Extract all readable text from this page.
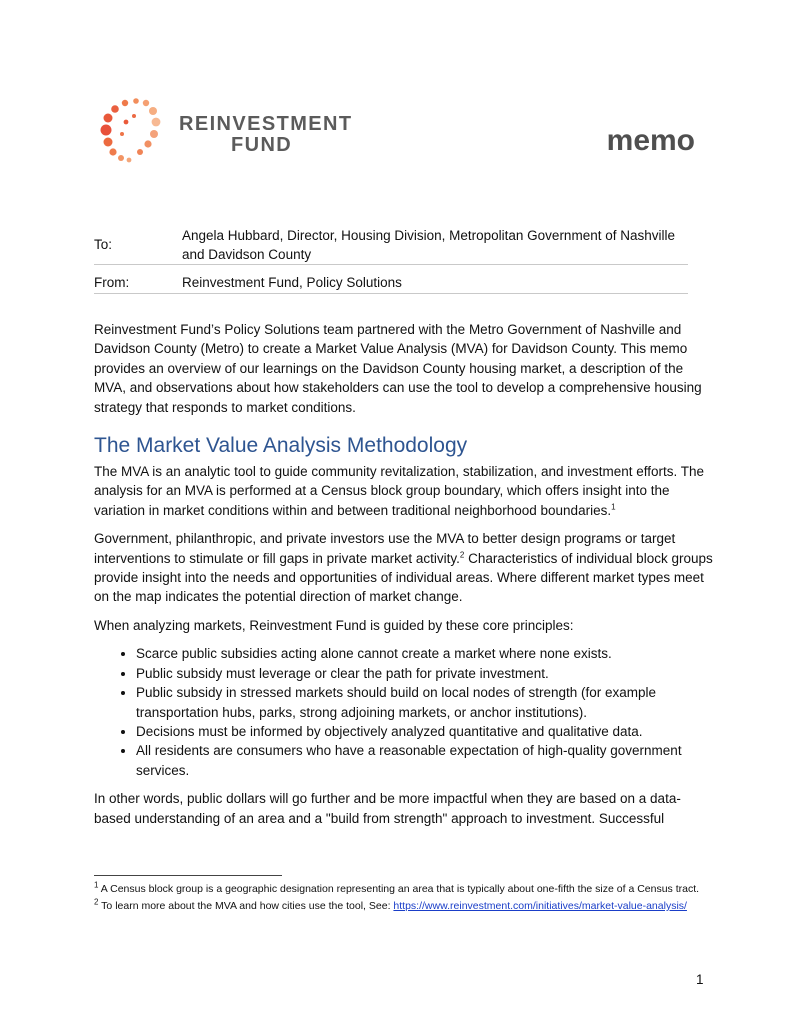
REINVESTMENT
FUND	memo
To:
Angela Hubbard, Director, Housing Division, Metropolitan Government of Nashville and Davidson County
From:	Reinvestment Fund, Policy Solutions

Reinvestment Fund’s Policy Solutions team partnered with the Metro Government of Nashville and Davidson County (Metro) to create a Market Value Analysis (MVA) for Davidson County. This memo provides an overview of our learnings on the Davidson County housing market, a description of the MVA, and observations about how stakeholders can use the tool to develop a comprehensive housing strategy that responds to market conditions.

The Market Value Analysis Methodology

The MVA is an analytic tool to guide community revitalization, stabilization, and investment efforts. The analysis for an MVA is performed at a Census block group boundary, which offers insight into the variation in market conditions within and between traditional neighborhood boundaries.$^1$

Government, philanthropic, and private investors use the MVA to better design programs or target interventions to stimulate or fill gaps in private market activity.$^2$ Characteristics of individual block groups provide insight into the needs and opportunities of individual areas. Where different market types meet on the map indicates the potential direction of market change.

When analyzing markets, Reinvestment Fund is guided by these core principles:

• Scarce public subsidies acting alone cannot create a market where none exists.
• Public subsidy must leverage or clear the path for private investment.
• Public subsidy in stressed markets should build on local nodes of strength (for example transportation hubs, parks, strong adjoining markets, or anchor institutions).
• Decisions must be informed by objectively analyzed quantitative and qualitative data.
• All residents are consumers who have a reasonable expectation of high-quality government services.

In other words, public dollars will go further and be more impactful when they are based on a data-based understanding of an area and a "build from strength" approach to investment. Successful

$^1$ A Census block group is a geographic designation representing an area that is typically about one-fifth the size of a Census tract.
$^2$ To learn more about the MVA and how cities use the tool, See: https://www.reinvestment.com/initiatives/market-value-analysis/
1
